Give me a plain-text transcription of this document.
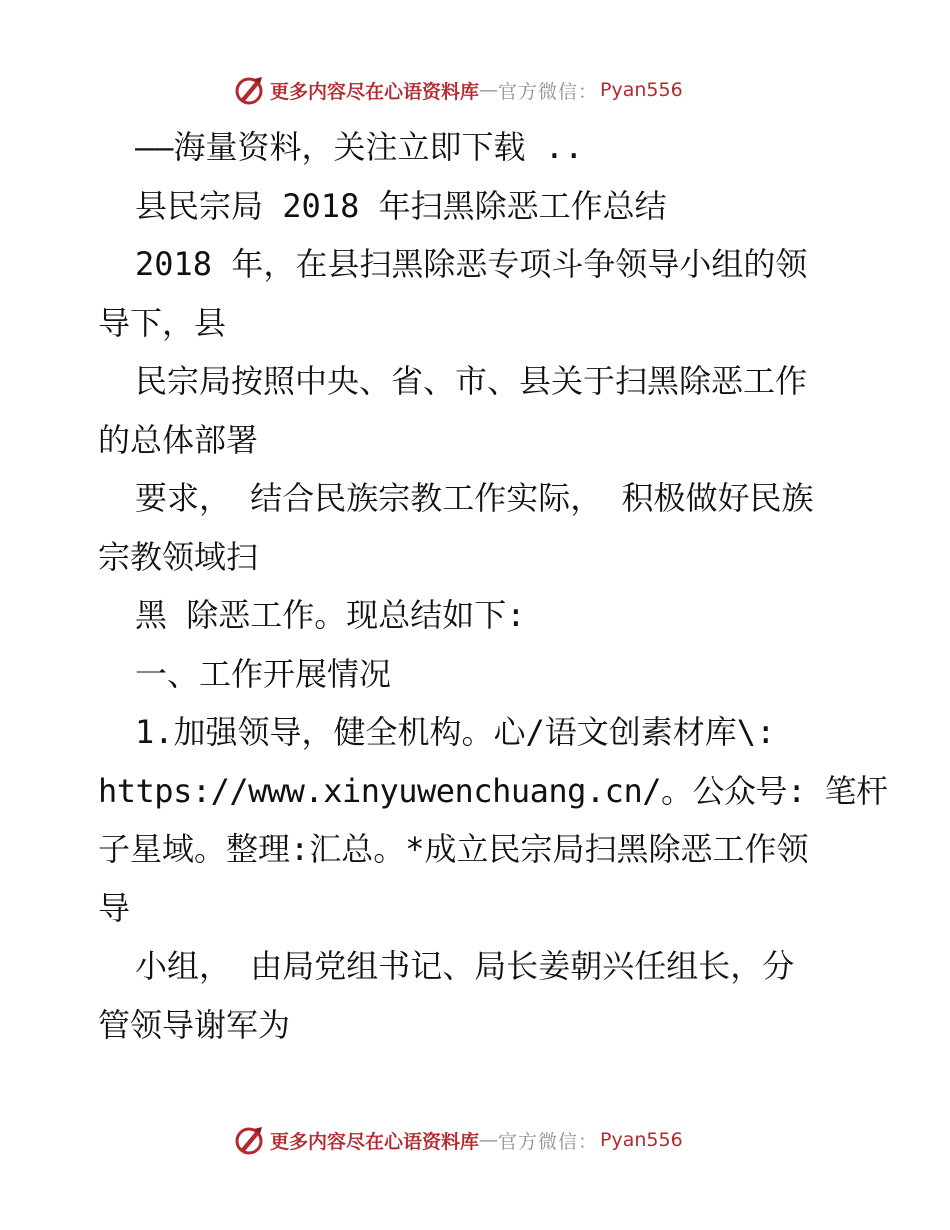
更多内容尽在心语资料库 — 官方微信： Pyan556
——海量资料，关注立即下载 ..
县民宗局 2018 年扫黑除恶工作总结
2018 年，在县扫黑除恶专项斗争领导小组的领
导下，县
民宗局按照中央、省、市、县关于扫黑除恶工作
的总体部署
要求， 结合民族宗教工作实际， 积极做好民族
宗教领域扫
黑 除恶工作。现总结如下:
一、工作开展情况
1.加强领导，健全机构。心/语文创素材库\:
https://www.xinyuwenchuang.cn/。公众号: 笔杆
子星域。整理:汇总。*成立民宗局扫黑除恶工作领
导
小组， 由局党组书记、局长姜朝兴任组长，分
管领导谢军为
更多内容尽在心语资料库 — 官方微信： Pyan556
